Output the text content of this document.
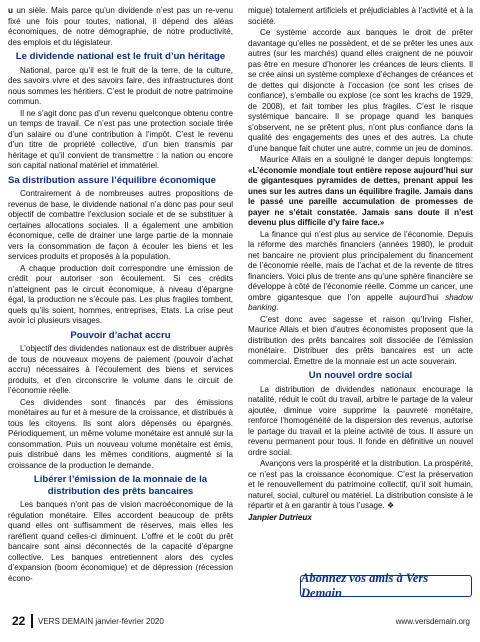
u un sièle. Mais parce qu’un dividende n’est pas un re-venu fixé une fois pour toutes, national, il dépend des aléas économiques, de notre démographie, de notre productivité, des emplois et du législateur.

Le dividende national est le fruit d’un héritage

National, parce qu’il est le fruit de la terre, de la culture, des savoirs vivre et des savoirs faire, des infrastructures dont nous sommes les héritiers. C’est le produit de notre patrimoine commun.

Il ne s’agit donc pas d’un revenu quelconque obtenu contre un temps de travail. Ce n’est pas une protection sociale tirée d’un salaire ou d’une contribution à l’impôt. C’est le revenu d’un titre de propriété collective, d’un bien transmis par héritage et qu’il convient de transmettre : la nation ou encore son capital national matériel et immatériel.

Sa distribution assure l’équilibre économique

Contrairement à de nombreuses autres propositions de revenus de base, le dividende national n’a donc pas pour seul objectif de combattre l’exclusion sociale et de se substituer à certaines allocations sociales. Il a également une ambition économique, celle de drainer une large partie de la monnaie vers la consommation de façon à écouler les biens et les services produits et proposés à la population.

A chaque production doit correspondre une émission de crédit pour autoriser son écoulement. Si ces crédits n’atteignent pas le circuit économique, à niveau d’épargne égal, la production ne s’écoule pas. Les plus fragiles tombent, quels qu’ils soient, hommes, entreprises, Etats. La crise peut avoir ici plusieurs visages.

Pouvoir d’achat accru

L’objectif des dividendes nationaux est de distribuer auprès de tous de nouveaux moyens de paiement (pouvoir d’achat accru) nécessaires à l’écoulement des biens et services produits, et d’en circonscrire le volume dans le circuit de l’économie réelle.

Ces dividendes sont financés par des émissions monétaires au fur et à mesure de la croissance, et distribués à tous les citoyens. Ils sont alors dépensés ou épargnés. Périodiquement, un même volume monétaire est annulé sur la consommation. Puis un nouveau volume monétaire est émis, puis distribué dans les mêmes conditions, augmenté si la croissance de la production le demande.

Libérer l’émission de la monnaie de la distribution des prêts bancaires

Les banques n’ont pas de vision macroéconomique de la régulation monétaire. Elles accordent beaucoup de prêts quand elles ont suffisamment de réserves, mais elles les raréfient quand celles-ci diminuent. L’offre et le coût du prêt bancaire sont ainsi déconnectés de la capacité d’épargne collective. Les banques entretiennent alors des cycles d’expansion (boom économique) et de dépression (récession écono-

mique) totalement artificiels et préjudiciables à l’activité et à la société.

Ce système accorde aux banques le droit de prêter davantage qu’elles ne possèdent, et de se prêter les unes aux autres (sur les marchés) quand elles craignent de ne pouvoir pas être en mesure d’honorer les créances de leurs clients. Il se crée ainsi un système complexe d’échanges de créances et de dettes qui disjoncte à l’occasion (ce sont les crises de confiance), s’emballe ou explose (ce sont les krachs de 1929, de 2008), et fait tomber les plus fragiles. C’est le risque systémique bancaire. Il se propage quand les banques s’observent, ne se prêtent plus, n’ont plus confiance dans la qualité des engagements des unes et des autres. La chute d’une banque fait chuter une autre, comme un jeu de dominos.

Maurice Allais en a souligné le danger depuis longtemps: «L’économie mondiale tout entière repose aujourd’hui sur de gigantesques pyramides de dettes, prenant appui les unes sur les autres dans un équilibre fragile. Jamais dans le passé une pareille accumulation de promesses de payer ne s’était constatée. Jamais sans doute il n’est devenu plus difficile d’y faire face.»

La finance qui n’est plus au service de l’économie. Depuis la réforme des marchés financiers (années 1980), le produit net bancaire ne provient plus principalement du financement de l’économie réelle, mais de l’achat et de la revente de titres financiers. Voici plus de trente ans qu’une sphère financière se développe à côté de l’économie réelle. Comme un cancer, une ombre gigantesque que l’on appelle aujourd’hui shadow banking.

C’est donc avec sagesse et raison qu’Irving Fisher, Maurice Allais et bien d’autres économistes proposent que la distribution des prêts bancaires soit dissociée de l’émission monétaire. Distribuer des prêts bancaires est un acte commercial. Émettre de la monnaie est un acte souverain.

Un nouvel ordre social

La distribution de dividendes nationaux encourage la natalité, réduit le coût du travail, arbitre le partage de la valeur ajoutée, diminue voire supprime la pauvreté monétaire, renforce l’homogénéité de la dispersion des revenus, autorise le partage du travail et la pleine activité de tous. Il assure un revenu permanent pour tous. Il fonde en définitive un nouvel ordre social.

Avançons vers la prospérité et la distribution. La prospérité, ce n’est pas la croissance économique. C’est la préservation et le renouvellement du patrimoine collectif, qu’il soit humain, naturel, social, culturel ou matériel. La distribution consiste à le répartir et à en garantir à tous l’usage. ❖

Janpier Dutrieux

Abonnez vos amis à Vers Demain
22 VERS DEMAIN janvier-février 2020	www.versdemain.org
